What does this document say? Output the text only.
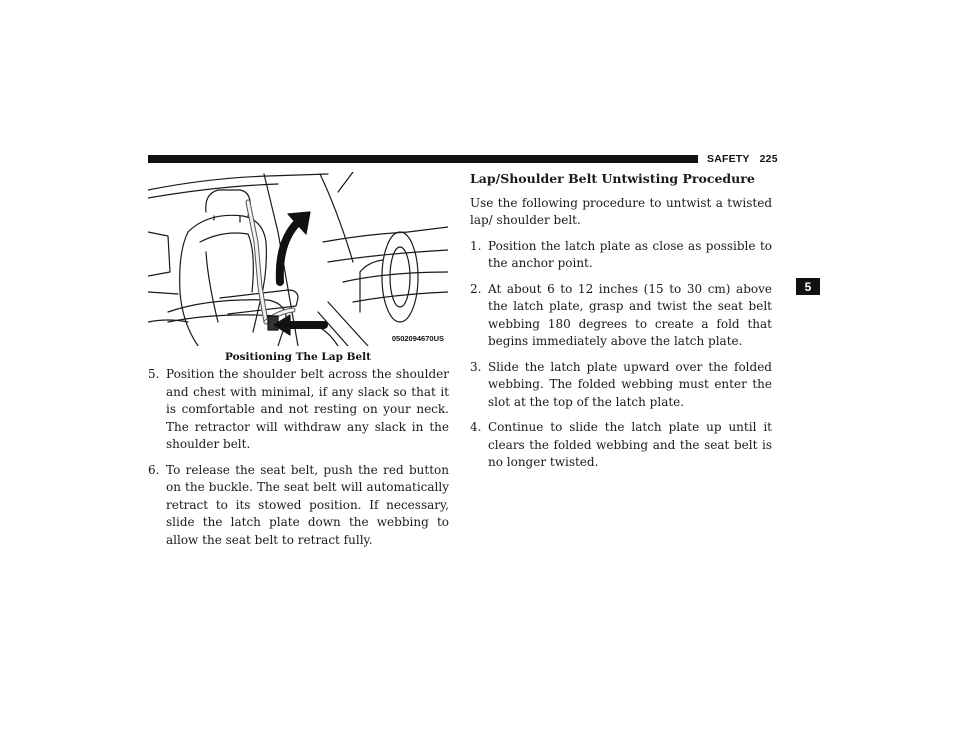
SAFETY 225
5
0502094670US
Positioning The Lap Belt
5. Position the shoulder belt across the shoulder and chest with minimal, if any slack so that it is comfortable and not resting on your neck. The retractor will withdraw any slack in the shoulder belt.
6. To release the seat belt, push the red button on the buckle. The seat belt will automatically retract to its stowed position. If necessary, slide the latch plate down the webbing to allow the seat belt to retract fully.
Lap/Shoulder Belt Untwisting Procedure
Use the following procedure to untwist a twisted lap/ shoulder belt.
1. Position the latch plate as close as possible to the anchor point.
2. At about 6 to 12 inches (15 to 30 cm) above the latch plate, grasp and twist the seat belt webbing 180 degrees to create a fold that begins immediately above the latch plate.
3. Slide the latch plate upward over the folded webbing. The folded webbing must enter the slot at the top of the latch plate.
4. Continue to slide the latch plate up until it clears the folded webbing and the seat belt is no longer twisted.
